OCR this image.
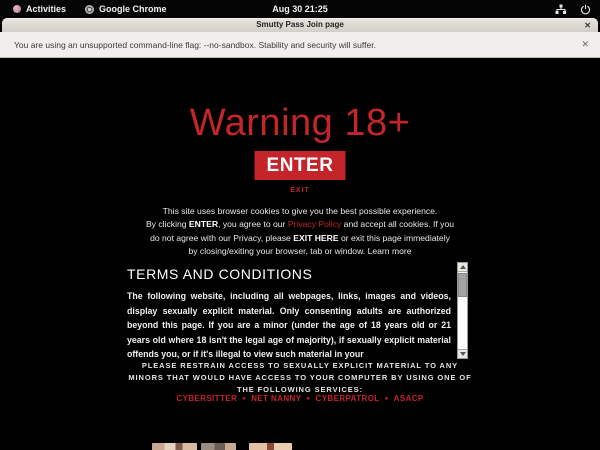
Activities	Google Chrome	Aug 30 21:25
Smutty Pass Join page	✕
You are using an unsupported command-line flag: --no-sandbox. Stability and security will suffer.	✕
Warning 18+
ENTER
EXIT
This site uses browser cookies to give you the best possible experience.
By clicking ENTER, you agree to our Privacy Policy and accept all cookies. If you
do not agree with our Privacy, please EXIT HERE or exit this page immediately
by closing/exiting your browser, tab or window. Learn more
TERMS AND CONDITIONS
The following website, including all webpages, links, images and videos, display sexually explicit material. Only consenting adults are authorized beyond this page. If you are a minor (under the age of 18 years old or 21 years old where 18 isn't the legal age of majority), if sexually explicit material offends you, or if it's illegal to view such material in your
PLEASE RESTRAIN ACCESS TO SEXUALLY EXPLICIT MATERIAL TO ANY
MINORS THAT WOULD HAVE ACCESS TO YOUR COMPUTER BY USING ONE OF
THE FOLLOWING SERVICES:
CYBERSITTER ● NET NANNY ● CYBERPATROL ● ASACP
